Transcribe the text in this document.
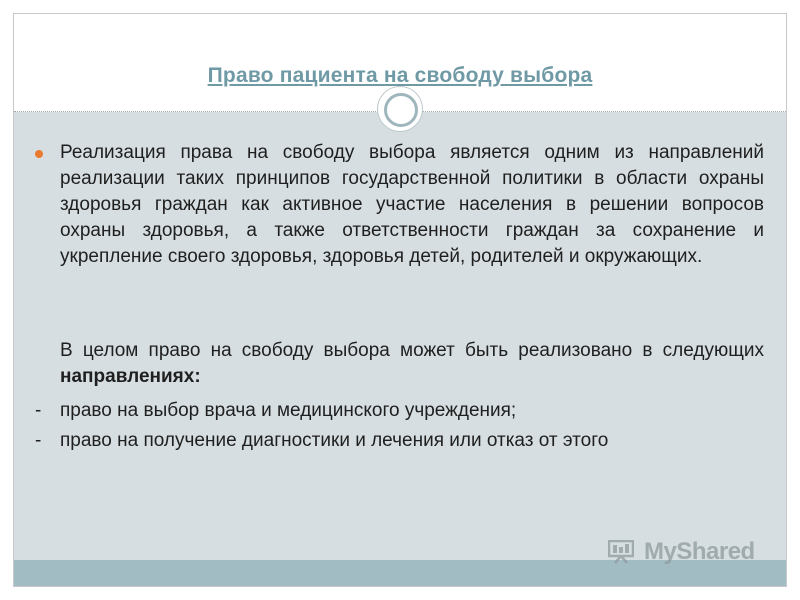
Право пациента на свободу выбора
Реализация права на свободу выбора является одним из направлений реализации таких принципов государственной политики в области охраны здоровья граждан как активное участие населения в решении вопросов охраны здоровья, а также ответственности граждан за сохранение и укрепление своего здоровья, здоровья детей, родителей и окружающих.
В целом право на свободу выбора может быть реализовано в следующих направлениях:
- право на выбор врача и медицинского учреждения;
- право на получение диагностики и лечения или отказ от этого
MyShared
